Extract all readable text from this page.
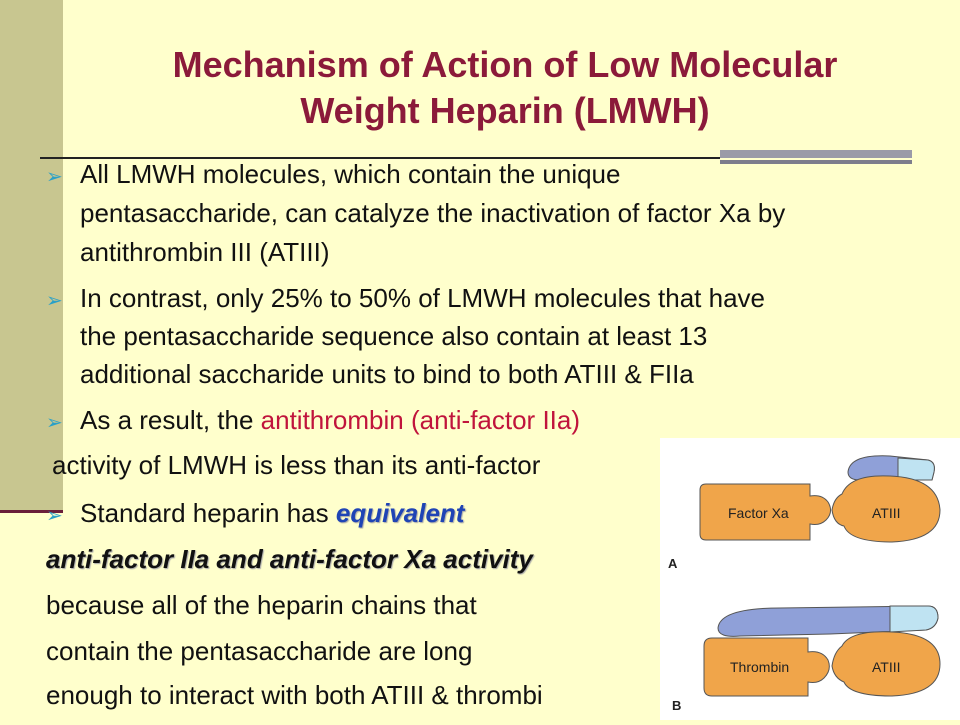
Mechanism of Action of Low Molecular
Weight Heparin (LMWH)
➢ All LMWH molecules, which contain the unique
pentasaccharide, can catalyze the inactivation of factor Xa by
antithrombin III (ATIII)
➢ In contrast, only 25% to 50% of LMWH molecules that have
the pentasaccharide sequence also contain at least 13
additional saccharide units to bind to both ATIII & FIIa
➢ As a result, the antithrombin (anti-factor IIa)
activity of LMWH is less than its anti-factor
➢ Standard heparin has equivalent
anti-factor IIa and anti-factor Xa activity
because all of the heparin chains that
contain the pentasaccharide are long
enough to interact with both ATIII & thrombi
Factor Xa	ATIII
A
Thrombin	ATIII
B
